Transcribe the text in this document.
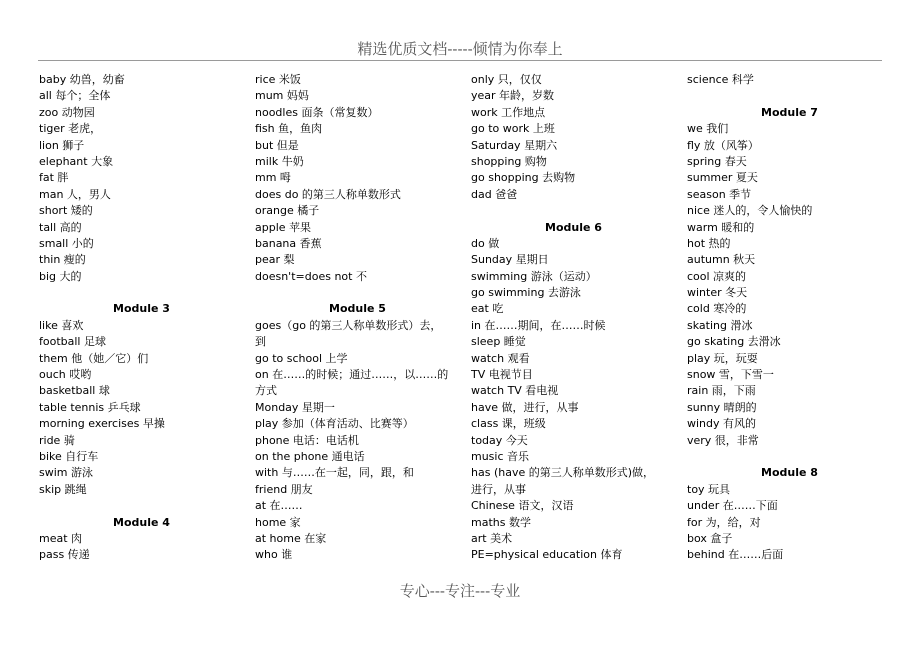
精选优质文档-----倾情为你奉上
baby 幼兽，幼畜
all 每个；全体
zoo 动物园
tiger 老虎，
lion 狮子
elephant 大象
fat 胖
man 人，男人
short 矮的
tall 高的
small 小的
thin 瘦的
big 大的
Module 3
like 喜欢
football 足球
them 他（她／它）们
ouch 哎哟
basketball 球
table tennis 乒乓球
morning exercises 早操
ride 骑
bike 自行车
swim 游泳
skip 跳绳
Module 4
meat 肉
pass 传递
rice 米饭
mum 妈妈
noodles 面条（常复数）
fish 鱼，鱼肉
but 但是
milk 牛奶
mm 呣
does do 的第三人称单数形式
orange 橘子
apple 苹果
banana 香蕉
pear 梨
doesn't=does not 不
Module 5
goes（go 的第三人称单数形式）去，
到
go to school 上学
on 在……的时候；通过……，以……的
方式
Monday 星期一
play 参加（体育活动、比赛等）
phone 电话：电话机
on the phone 通电话
with 与……在一起，同，跟，和
friend 朋友
at 在……
home 家
at home 在家
who 谁
only 只，仅仅
year 年龄，岁数
work 工作地点
go to work 上班
Saturday 星期六
shopping 购物
go shopping 去购物
dad 爸爸
Module 6
do 做
Sunday 星期日
swimming 游泳（运动）
go swimming 去游泳
eat 吃
in 在……期间，在……时候
sleep 睡觉
watch 观看
TV 电视节目
watch TV 看电视
have 做，进行，从事
class 课，班级
today 今天
music 音乐
has (have 的第三人称单数形式)做，
进行，从事
Chinese 语文，汉语
maths 数学
art 美术
PE=physical education 体育
science 科学
Module 7
we 我们
fly 放（风筝）
spring 春天
summer 夏天
season 季节
nice 迷人的，令人愉快的
warm 暖和的
hot 热的
autumn 秋天
cool 凉爽的
winter 冬天
cold 寒冷的
skating 滑冰
go skating 去滑冰
play 玩，玩耍
snow 雪，下雪一
rain 雨，下雨
sunny 晴朗的
windy 有风的
very 很，非常
Module 8
toy 玩具
under 在……下面
for 为，给，对
box 盒子
behind 在……后面
专心---专注---专业
